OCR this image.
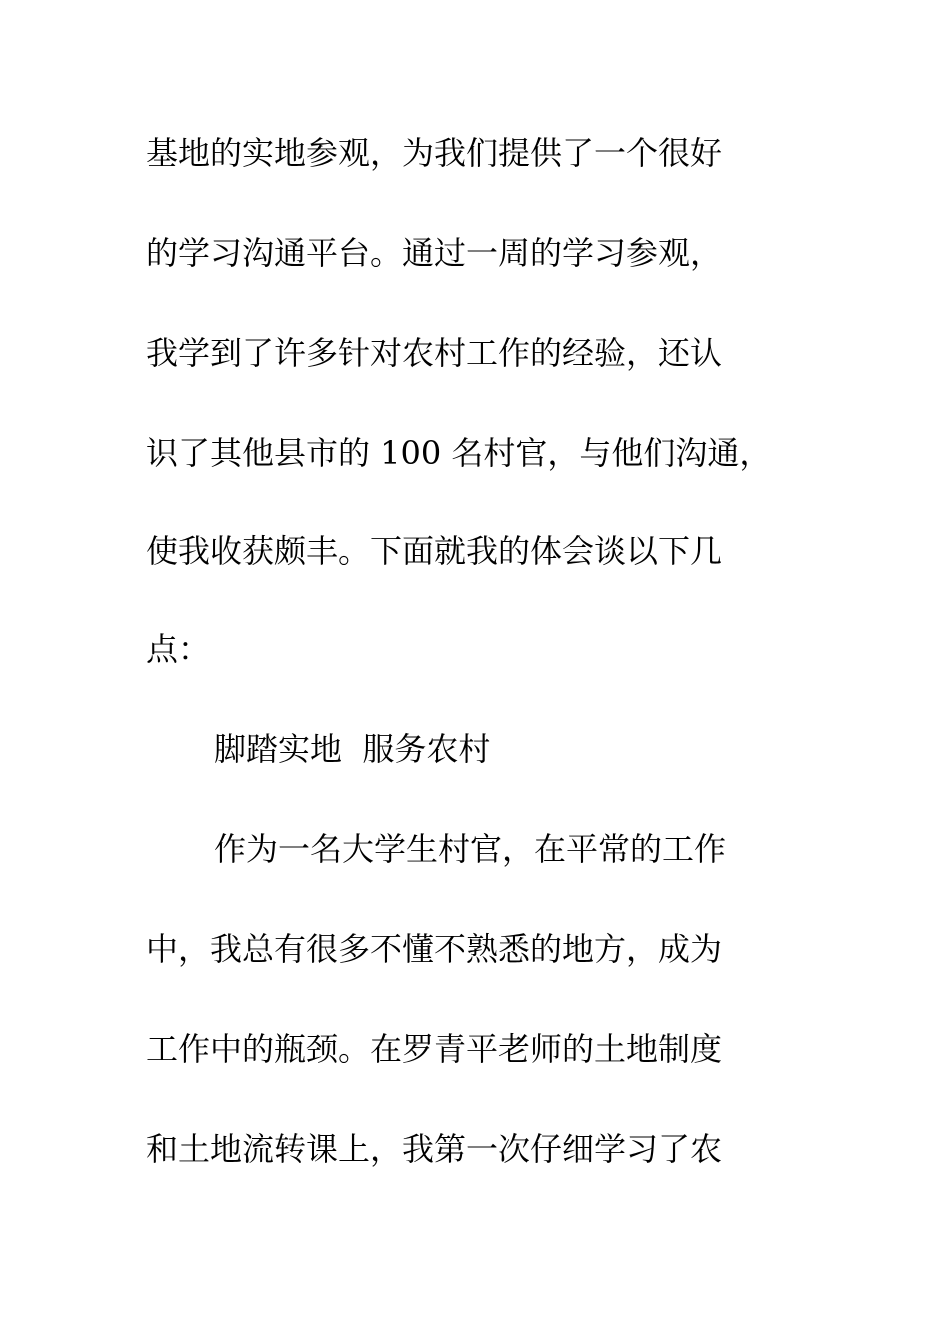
基地的实地参观，为我们提供了一个很好
的学习沟通平台。通过一周的学习参观，
我学到了许多针对农村工作的经验，还认
识了其他县市的 100 名村官，与他们沟通，
使我收获颇丰。下面就我的体会谈以下几
点：
脚踏实地  服务农村
作为一名大学生村官，在平常的工作
中，我总有很多不懂不熟悉的地方，成为
工作中的瓶颈。在罗青平老师的土地制度
和土地流转课上，我第一次仔细学习了农
